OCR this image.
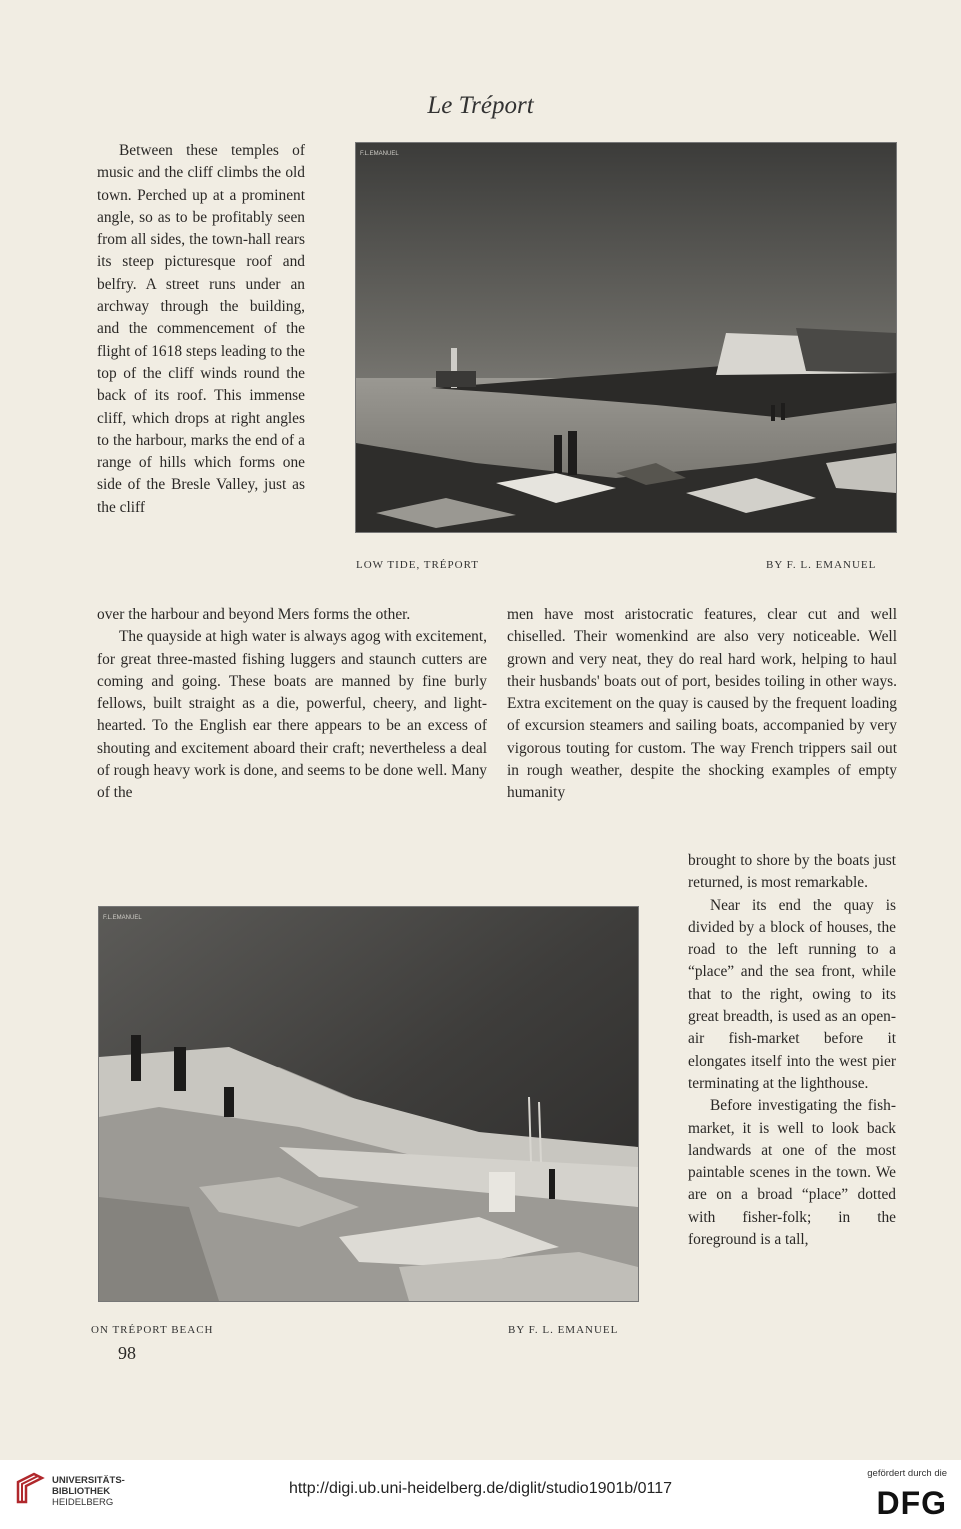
Le Tréport

Between these temples of music and the cliff climbs the old town. Perched up at a prominent angle, so as to be profitably seen from all sides, the town-hall rears its steep picturesque roof and belfry. A street runs under an archway through the building, and the commencement of the flight of 1618 steps leading to the top of the cliff winds round the back of its roof. This immense cliff, which drops at right angles to the harbour, marks the end of a range of hills which forms one side of the Bresle Valley, just as the cliff

F.L.EMANUEL
LOW TIDE, TRÉPORT	BY F. L. EMANUEL

over the harbour and beyond Mers forms the other.

The quayside at high water is always agog with excitement, for great three-masted fishing luggers and staunch cutters are coming and going. These boats are manned by fine burly fellows, built straight as a die, powerful, cheery, and light-hearted. To the English ear there appears to be an excess of shouting and excitement aboard their craft; nevertheless a deal of rough heavy work is done, and seems to be done well. Many of the

men have most aristocratic features, clear cut and well chiselled. Their womenkind are also very noticeable. Well grown and very neat, they do real hard work, helping to haul their husbands' boats out of port, besides toiling in other ways. Extra excitement on the quay is caused by the frequent loading of excursion steamers and sailing boats, accompanied by very vigorous touting for custom. The way French trippers sail out in rough weather, despite the shocking examples of empty humanity

F.L.EMANUEL
ON TRÉPORT BEACH	BY F. L. EMANUEL

brought to shore by the boats just returned, is most remarkable.

Near its end the quay is divided by a block of houses, the road to the left running to a “place” and the sea front, while that to the right, owing to its great breadth, is used as an open-air fish-market before it elongates itself into the west pier terminating at the lighthouse.

Before investigating the fish-market, it is well to look back landwards at one of the most paintable scenes in the town. We are on a broad “place” dotted with fisher-folk; in the foreground is a tall,

98
UNIVERSITÄTS-
BIBLIOTHEK
HEIDELBERG
http://digi.ub.uni-heidelberg.de/diglit/studio1901b/0117
gefördert durch die
DFG
